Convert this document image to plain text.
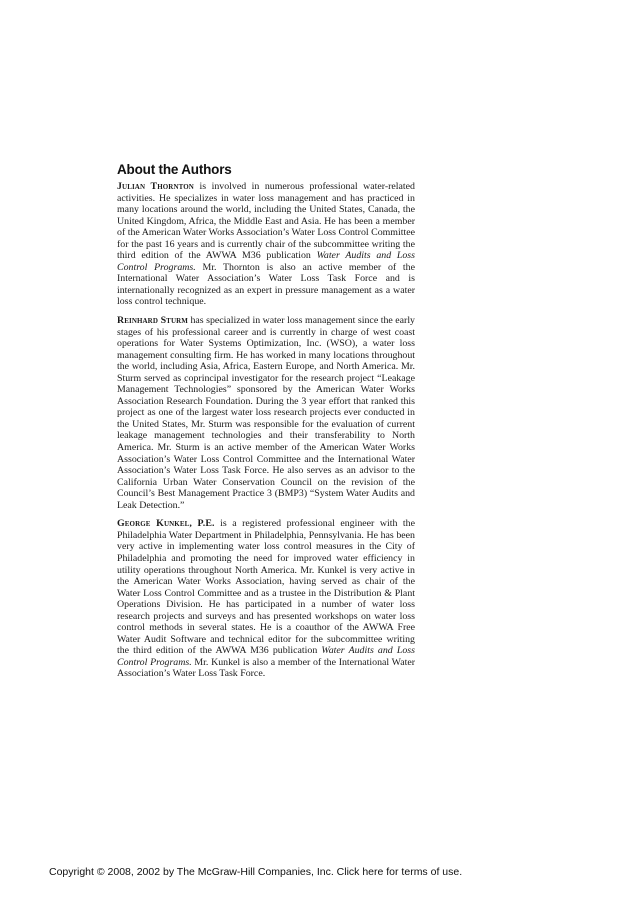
About the Authors

Julian Thornton is involved in numerous professional water-related activities. He specializes in water loss management and has practiced in many locations around the world, including the United States, Canada, the United Kingdom, Africa, the Middle East and Asia. He has been a member of the American Water Works Association’s Water Loss Control Committee for the past 16 years and is currently chair of the subcommittee writing the third edition of the AWWA M36 publication Water Audits and Loss Control Programs. Mr. Thornton is also an active member of the International Water Association’s Water Loss Task Force and is internationally recognized as an expert in pressure management as a water loss control technique.

Reinhard Sturm has specialized in water loss management since the early stages of his professional career and is currently in charge of west coast operations for Water Systems Optimization, Inc. (WSO), a water loss management consulting firm. He has worked in many locations throughout the world, including Asia, Africa, Eastern Europe, and North America. Mr. Sturm served as coprincipal investigator for the research project “Leakage Management Technologies” sponsored by the American Water Works Association Research Foundation. During the 3 year effort that ranked this project as one of the largest water loss research projects ever conducted in the United States, Mr. Sturm was responsible for the evaluation of current leakage management technologies and their transferability to North America. Mr. Sturm is an active member of the American Water Works Association’s Water Loss Control Committee and the International Water Association’s Water Loss Task Force. He also serves as an advisor to the California Urban Water Conservation Council on the revision of the Council’s Best Management Practice 3 (BMP3) “System Water Audits and Leak Detection.”

George Kunkel, P.E. is a registered professional engineer with the Philadelphia Water Department in Philadelphia, Pennsylvania. He has been very active in implementing water loss control measures in the City of Philadelphia and promoting the need for improved water efficiency in utility operations throughout North America. Mr. Kunkel is very active in the American Water Works Association, having served as chair of the Water Loss Control Committee and as a trustee in the Distribution & Plant Operations Division. He has participated in a number of water loss research projects and surveys and has presented workshops on water loss control methods in several states. He is a coauthor of the AWWA Free Water Audit Software and technical editor for the subcommittee writing the third edition of the AWWA M36 publication Water Audits and Loss Control Programs. Mr. Kunkel is also a member of the International Water Association’s Water Loss Task Force.

Copyright © 2008, 2002 by The McGraw-Hill Companies, Inc. Click here for terms of use.
